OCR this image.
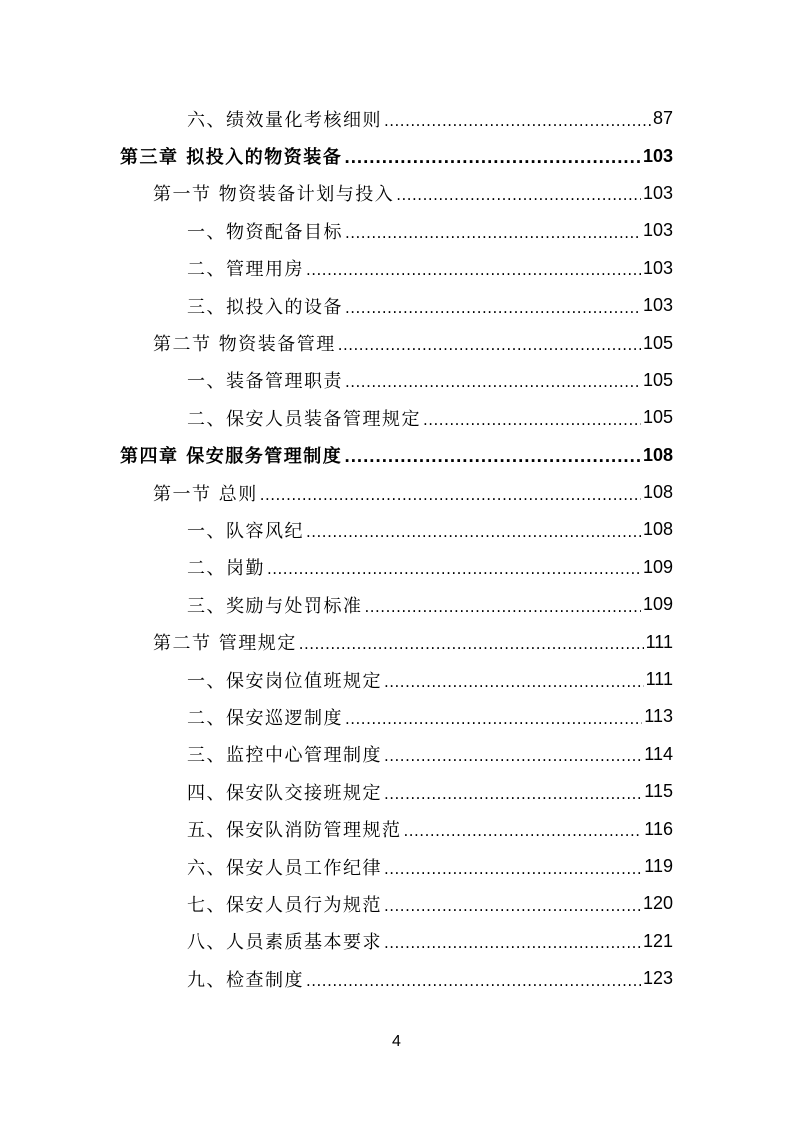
六、绩效量化考核细则 .....	87
第三章 拟投入的物资装备 .....	103
第一节 物资装备计划与投入 .....	103
一、物资配备目标 .....	103
二、管理用房 .....	103
三、拟投入的设备 .....	103
第二节 物资装备管理 .....	105
一、装备管理职责 .....	105
二、保安人员装备管理规定 .....	105
第四章 保安服务管理制度 .....	108
第一节 总则 .....	108
一、队容风纪 .....	108
二、岗勤 .....	109
三、奖励与处罚标准 .....	109
第二节 管理规定 .....	111
一、保安岗位值班规定 .....	111
二、保安巡逻制度 .....	113
三、监控中心管理制度 .....	114
四、保安队交接班规定 .....	115
五、保安队消防管理规范 .....	116
六、保安人员工作纪律 .....	119
七、保安人员行为规范 .....	120
八、人员素质基本要求 .....	121
九、检查制度 .....	123
4
